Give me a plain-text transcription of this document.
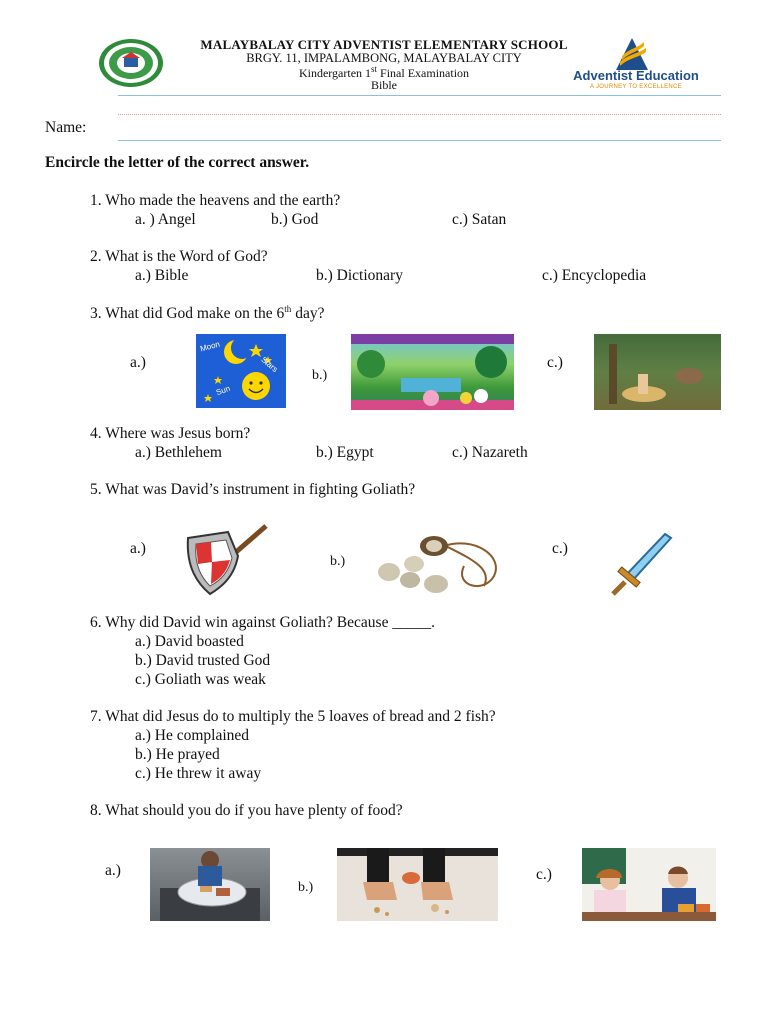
MALAYBALAY CITY ADVENTIST ELEMENTARY SCHOOL
BRGY. 11, IMPALAMBONG, MALAYBALAY CITY
Kindergarten 1st Final Examination
Bible
Adventist Education
A JOURNEY TO EXCELLENCE
Name:
Encircle the letter of the correct answer.
1. Who made the heavens and the earth?
a. ) Angel	b.) God	c.) Satan
2. What is the Word of God?
a.) Bible	b.) Dictionary	c.) Encyclopedia
3. What did God make on the 6th day?
a.)
b.)
c.)
Moon
Stars
Sun
4. Where was Jesus born?
a.) Bethlehem	b.) Egypt	c.) Nazareth
5. What was David’s instrument in fighting Goliath?
a.)
b.)
c.)
6. Why did David win against Goliath? Because _____.
a.) David boasted
b.) David trusted God
c.) Goliath was weak
7. What did Jesus do to multiply the 5 loaves of bread and 2 fish?
a.) He complained
b.) He prayed
c.) He threw it away
8. What should you do if you have plenty of food?
a.)
b.)
c.)
